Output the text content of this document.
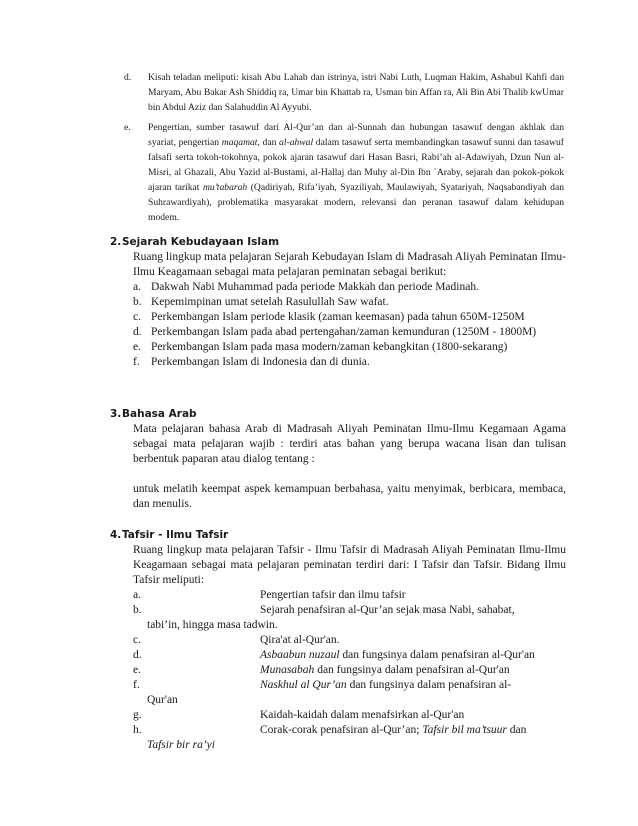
d. Kisah teladan meliputi: kisah Abu Lahab dan istrinya, istri Nabi Luth, Luqman Hakim, Ashabul Kahfi dan Maryam, Abu Bakar Ash Shiddiq ra, Umar bin Khattab ra, Usman bin Affan ra, Ali Bin Abi Thalib kwUmar bin Abdul Aziz dan Salahuddin Al Ayyubi.
e. Pengertian, sumber tasawuf dari Al-Qur’an dan al-Sunnah dan hubungan tasawuf dengan akhlak dan syariat, pengertian maqamat, dan al-ahwal dalam tasawuf serta membandingkan tasawuf sunni dan tasawuf falsafi serta tokoh-tokohnya, pokok ajaran tasawuf dari Hasan Basri, Rabi’ah al-Adawiyah, Dzun Nun al-Misri, al Ghazali, Abu Yazid al-Bustami, al-Hallaj dan Muhy al-Din Ibn `Araby, sejarah dan pokok-pokok ajaran tarikat mu’tabarah (Qadiriyah, Rifa’iyah, Syaziliyah, Maulawiyah, Syatariyah, Naqsabandiyah dan Suhrawardiyah), problematika masyarakat modern, relevansi dan peranan tasawuf dalam kehidupan modem.
2. Sejarah Kebudayaan Islam
Ruang lingkup mata pelajaran Sejarah Kebudayan Islam di Madrasah Aliyah Peminatan Ilmu-Ilmu Keagamaan sebagai mata pelajaran peminatan sebagai berikut:
a. Dakwah Nabi Muhammad pada periode Makkah dan periode Madinah.
b. Kepemimpinan umat setelah Rasulullah Saw wafat.
c. Perkembangan Islam periode klasik (zaman keemasan) pada tahun 650M-1250M
d. Perkembangan Islam pada abad pertengahan/zaman kemunduran (1250M - 1800M)
e. Perkembangan Islam pada masa modern/zaman kebangkitan (1800-sekarang)
f. Perkembangan Islam di Indonesia dan di dunia.
3. Bahasa Arab
Mata pelajaran bahasa Arab di Madrasah Aliyah Peminatan Ilmu-Ilmu Kegamaan Agama sebagai mata pelajaran wajib : terdiri atas bahan yang berupa wacana lisan dan tulisan berbentuk paparan atau dialog tentang :
untuk melatih keempat aspek kemampuan berbahasa, yaitu menyimak, berbicara, membaca, dan menulis.
4. Tafsir - Ilmu Tafsir
Ruang lingkup mata pelajaran Tafsir - Ilmu Tafsir di Madrasah Aliyah Peminatan Ilmu-Ilmu Keagamaan sebagai mata pelajaran peminatan terdiri dari: I Tafsir dan Tafsir. Bidang Ilmu Tafsir meliputi:
a.	Pengertian tafsir dan ilmu tafsir
b.	Sejarah penafsiran al-Qur’an sejak masa Nabi, sahabat,
tabi’in, hingga masa tadwin.
c.	Qira'at al-Qur'an.
d.	Asbaabun nuzaul dan fungsinya dalam penafsiran al-Qur'an
e.	Munasabah dan fungsinya dalam penafsiran al-Qur'an
f.	Naskhul al Qur’an dan fungsinya dalam penafsiran al-
Qur'an
g.	Kaidah-kaidah dalam menafsirkan al-Qur'an
h.	Corak-corak penafsiran al-Qur’an; Tafsir bil ma’tsuur dan
Tafsir bir ra’yi
